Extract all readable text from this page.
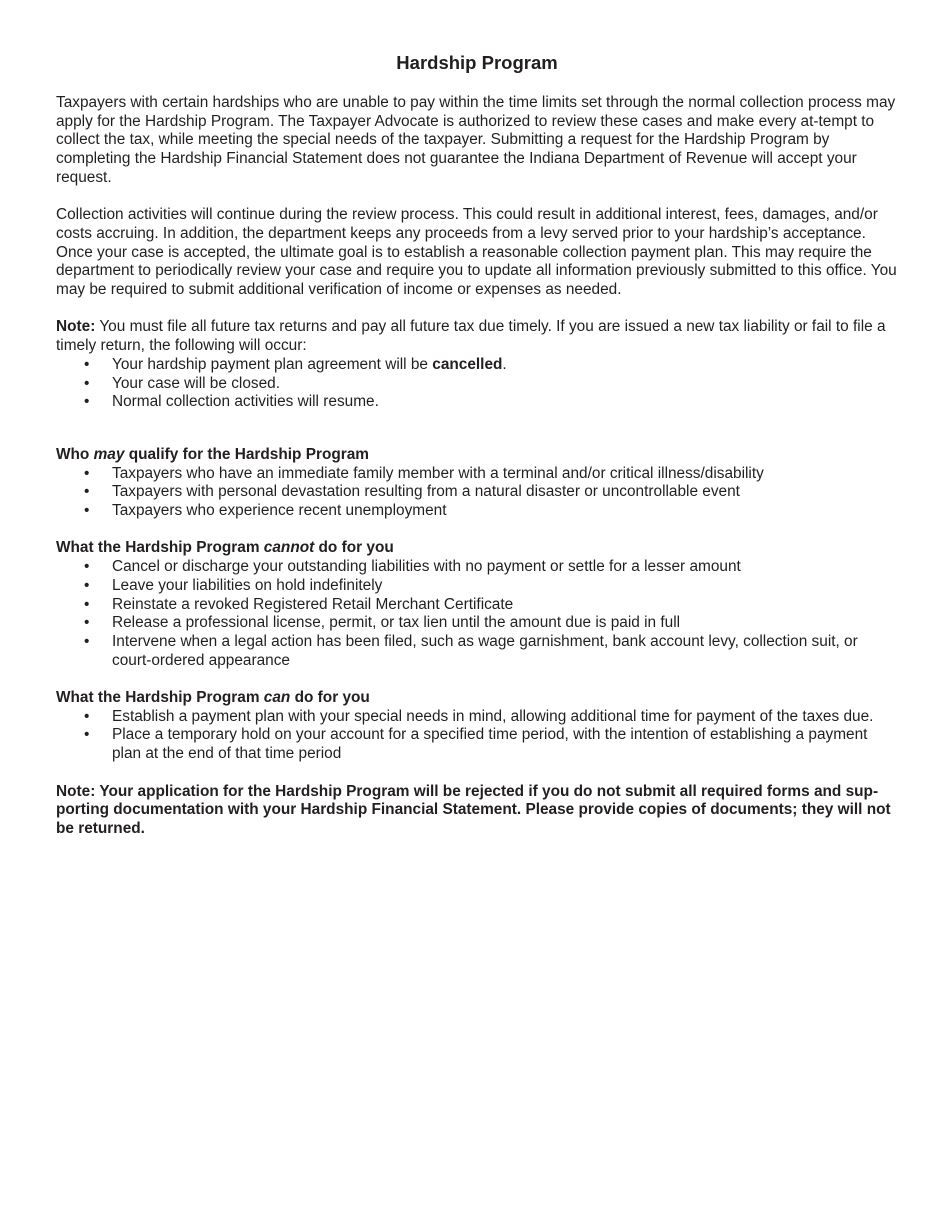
Hardship Program

Taxpayers with certain hardships who are unable to pay within the time limits set through the normal collection process may apply for the Hardship Program. The Taxpayer Advocate is authorized to review these cases and make every at-tempt to collect the tax, while meeting the special needs of the taxpayer. Submitting a request for the Hardship Program by completing the Hardship Financial Statement does not guarantee the Indiana Department of Revenue will accept your request.

Collection activities will continue during the review process. This could result in additional interest, fees, damages, and/or costs accruing. In addition, the department keeps any proceeds from a levy served prior to your hardship’s acceptance. Once your case is accepted, the ultimate goal is to establish a reasonable collection payment plan. This may require the department to periodically review your case and require you to update all information previously submitted to this office. You may be required to submit additional verification of income or expenses as needed.

Note: You must file all future tax returns and pay all future tax due timely. If you are issued a new tax liability or fail to file a timely return, the following will occur:

• Your hardship payment plan agreement will be cancelled.
• Your case will be closed.
• Normal collection activities will resume.

Who may qualify for the Hardship Program

• Taxpayers who have an immediate family member with a terminal and/or critical illness/disability
• Taxpayers with personal devastation resulting from a natural disaster or uncontrollable event
• Taxpayers who experience recent unemployment

What the Hardship Program cannot do for you

• Cancel or discharge your outstanding liabilities with no payment or settle for a lesser amount
• Leave your liabilities on hold indefinitely
• Reinstate a revoked Registered Retail Merchant Certificate
• Release a professional license, permit, or tax lien until the amount due is paid in full
• Intervene when a legal action has been filed, such as wage garnishment, bank account levy, collection suit, or court-ordered appearance

What the Hardship Program can do for you

• Establish a payment plan with your special needs in mind, allowing additional time for payment of the taxes due.
• Place a temporary hold on your account for a specified time period, with the intention of establishing a payment plan at the end of that time period

Note: Your application for the Hardship Program will be rejected if you do not submit all required forms and sup-porting documentation with your Hardship Financial Statement. Please provide copies of documents; they will not be returned.
